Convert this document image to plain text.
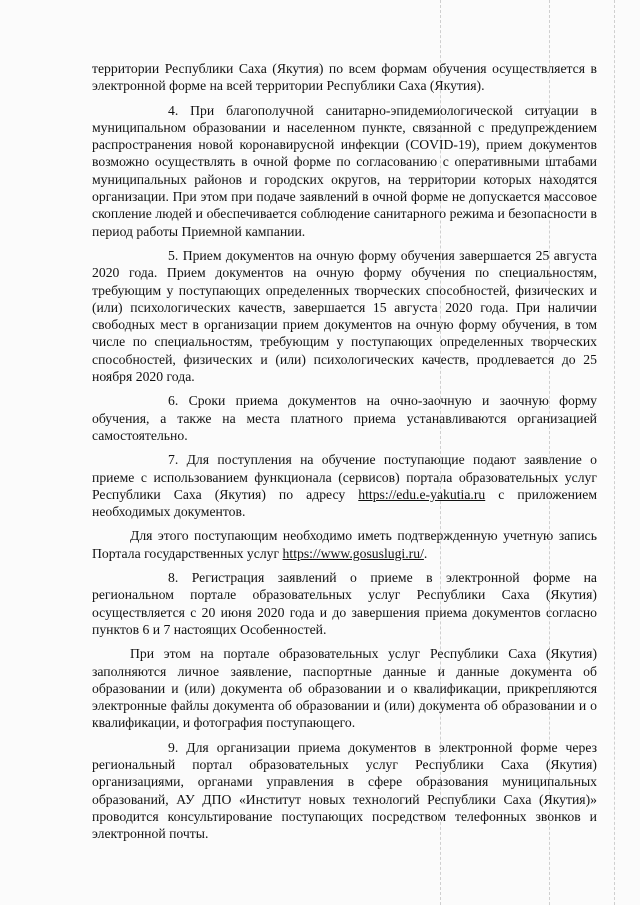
территории Республики Саха (Якутия) по всем формам обучения осуществляется в электронной форме на всей территории Республики Саха (Якутия).

4. При благополучной санитарно-эпидемиологической ситуации в муниципальном образовании и населенном пункте, связанной с предупреждением распространения новой коронавирусной инфекции (COVID-19), прием документов возможно осуществлять в очной форме по согласованию с оперативными штабами муниципальных районов и городских округов, на территории которых находятся организации. При этом при подаче заявлений в очной форме не допускается массовое скопление людей и обеспечивается соблюдение санитарного режима и безопасности в период работы Приемной кампании.

5. Прием документов на очную форму обучения завершается 25 августа 2020 года. Прием документов на очную форму обучения по специальностям, требующим у поступающих определенных творческих способностей, физических и (или) психологических качеств, завершается 15 августа 2020 года. При наличии свободных мест в организации прием документов на очную форму обучения, в том числе по специальностям, требующим у поступающих определенных творческих способностей, физических и (или) психологических качеств, продлевается до 25 ноября 2020 года.

6. Сроки приема документов на очно-заочную и заочную форму обучения, а также на места платного приема устанавливаются организацией самостоятельно.

7. Для поступления на обучение поступающие подают заявление о приеме с использованием функционала (сервисов) портала образовательных услуг Республики Саха (Якутия) по адресу https://edu.e-yakutia.ru с приложением необходимых документов.

Для этого поступающим необходимо иметь подтвержденную учетную запись Портала государственных услуг https://www.gosuslugi.ru/.

8. Регистрация заявлений о приеме в электронной форме на региональном портале образовательных услуг Республики Саха (Якутия) осуществляется с 20 июня 2020 года и до завершения приема документов согласно пунктов 6 и 7 настоящих Особенностей.

При этом на портале образовательных услуг Республики Саха (Якутия) заполняются личное заявление, паспортные данные и данные документа об образовании и (или) документа об образовании и о квалификации, прикрепляются электронные файлы документа об образовании и (или) документа об образовании и о квалификации, и фотография поступающего.

9. Для организации приема документов в электронной форме через региональный портал образовательных услуг Республики Саха (Якутия) организациями, органами управления в сфере образования муниципальных образований, АУ ДПО «Институт новых технологий Республики Саха (Якутия)» проводится консультирование поступающих посредством телефонных звонков и электронной почты.
